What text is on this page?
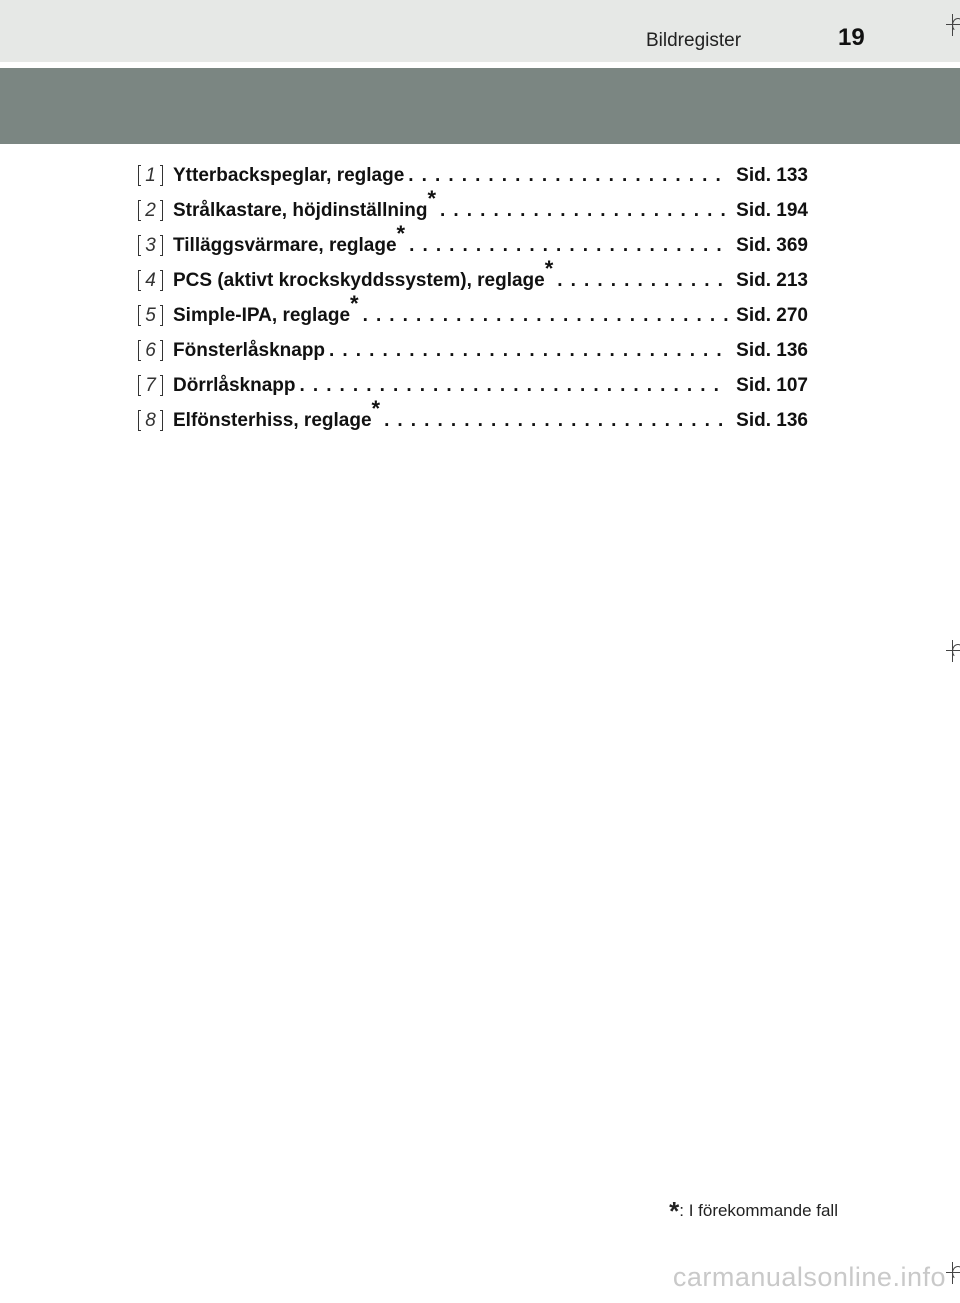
Bildregister	19
1 Ytterbackspeglar, reglage . . .	Sid. 133
2 Strålkastare, höjdinställning* . . .	Sid. 194
3 Tilläggsvärmare, reglage* . . .	Sid. 369
4 PCS (aktivt krockskyddssystem), reglage* . . .	Sid. 213
5 Simple-IPA, reglage* . . .	Sid. 270
6 Fönsterlåsknapp . . .	Sid. 136
7 Dörrlåsknapp . . .	Sid. 107
8 Elfönsterhiss, reglage* . . .	Sid. 136
*: I förekommande fall
carmanualsonline.info
